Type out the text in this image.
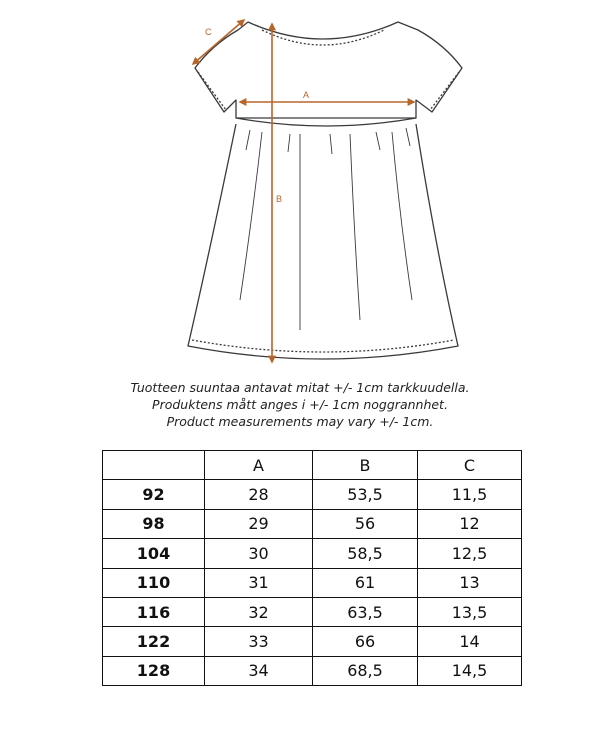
A
B
C
Tuotteen suuntaa antavat mitat +/- 1cm tarkkuudella.
Produktens mått anges i +/- 1cm noggrannhet.
Product measurements may vary +/- 1cm.
	A	B	C
92	28	53,5	11,5
98	29	56	12
104	30	58,5	12,5
110	31	61	13
116	32	63,5	13,5
122	33	66	14
128	34	68,5	14,5
